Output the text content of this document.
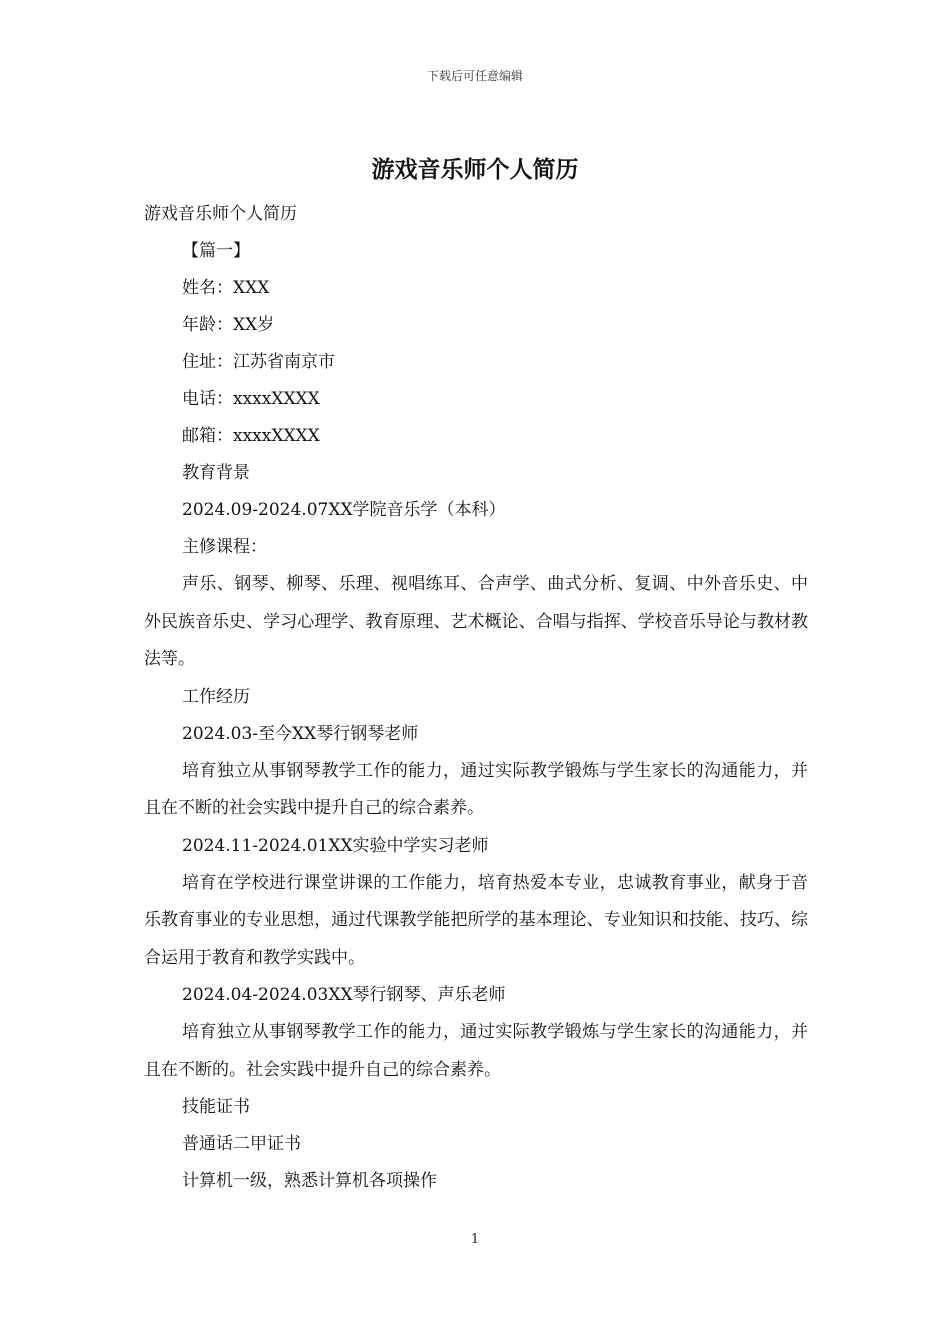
下载后可任意编辑
游戏音乐师个人简历
游戏音乐师个人简历
【篇一】
姓名：XXX
年龄：XX岁
住址：江苏省南京市
电话：xxxxXXXX
邮箱：xxxxXXXX
教育背景
2024.09-2024.07XX学院音乐学（本科）
主修课程：
声乐、钢琴、柳琴、乐理、视唱练耳、合声学、曲式分析、复调、中外音乐史、中外民族音乐史、学习心理学、教育原理、艺术概论、合唱与指挥、学校音乐导论与教材教法等。
工作经历
2024.03-至今XX琴行钢琴老师
培育独立从事钢琴教学工作的能力，通过实际教学锻炼与学生家长的沟通能力，并且在不断的社会实践中提升自己的综合素养。
2024.11-2024.01XX实验中学实习老师
培育在学校进行课堂讲课的工作能力，培育热爱本专业，忠诚教育事业，献身于音乐教育事业的专业思想，通过代课教学能把所学的基本理论、专业知识和技能、技巧、综合运用于教育和教学实践中。
2024.04-2024.03XX琴行钢琴、声乐老师
培育独立从事钢琴教学工作的能力，通过实际教学锻炼与学生家长的沟通能力，并且在不断的。社会实践中提升自己的综合素养。
技能证书
普通话二甲证书
计算机一级，熟悉计算机各项操作
1
